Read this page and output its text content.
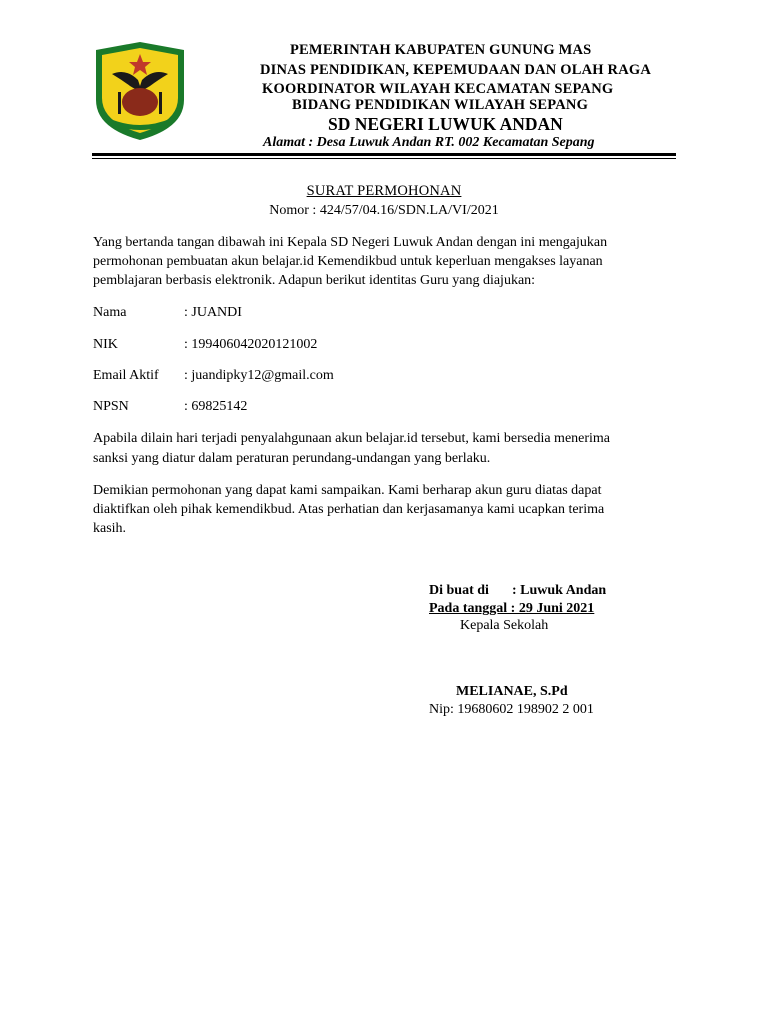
PEMERINTAH KABUPATEN GUNUNG MAS
DINAS PENDIDIKAN, KEPEMUDAAN DAN OLAH RAGA
KOORDINATOR WILAYAH KECAMATAN SEPANG
BIDANG PENDIDIKAN WILAYAH SEPANG
SD NEGERI LUWUK ANDAN
Alamat : Desa Luwuk Andan RT. 002 Kecamatan Sepang
SURAT PERMOHONAN
Nomor : 424/57/04.16/SDN.LA/VI/2021
Yang bertanda tangan dibawah ini Kepala SD Negeri Luwuk Andan dengan ini mengajukan
permohonan pembuatan akun belajar.id Kemendikbud untuk keperluan mengakses layanan
pemblajaran berbasis elektronik. Adapun berikut identitas Guru yang diajukan:
Nama	: JUANDI
NIK	: 199406042020121002
Email Aktif : juandipky12@gmail.com
NPSN	: 69825142
Apabila dilain hari terjadi penyalahgunaan akun belajar.id tersebut, kami bersedia menerima
sanksi yang diatur dalam peraturan perundang-undangan yang berlaku.
Demikian permohonan yang dapat kami sampaikan. Kami berharap akun guru diatas dapat
diaktifkan oleh pihak kemendikbud. Atas perhatian dan kerjasamanya kami ucapkan terima
kasih.
Di buat di : Luwuk Andan
Pada tanggal : 29 Juni 2021
Kepala Sekolah
MELIANAE, S.Pd
Nip: 19680602 198902 2 001
